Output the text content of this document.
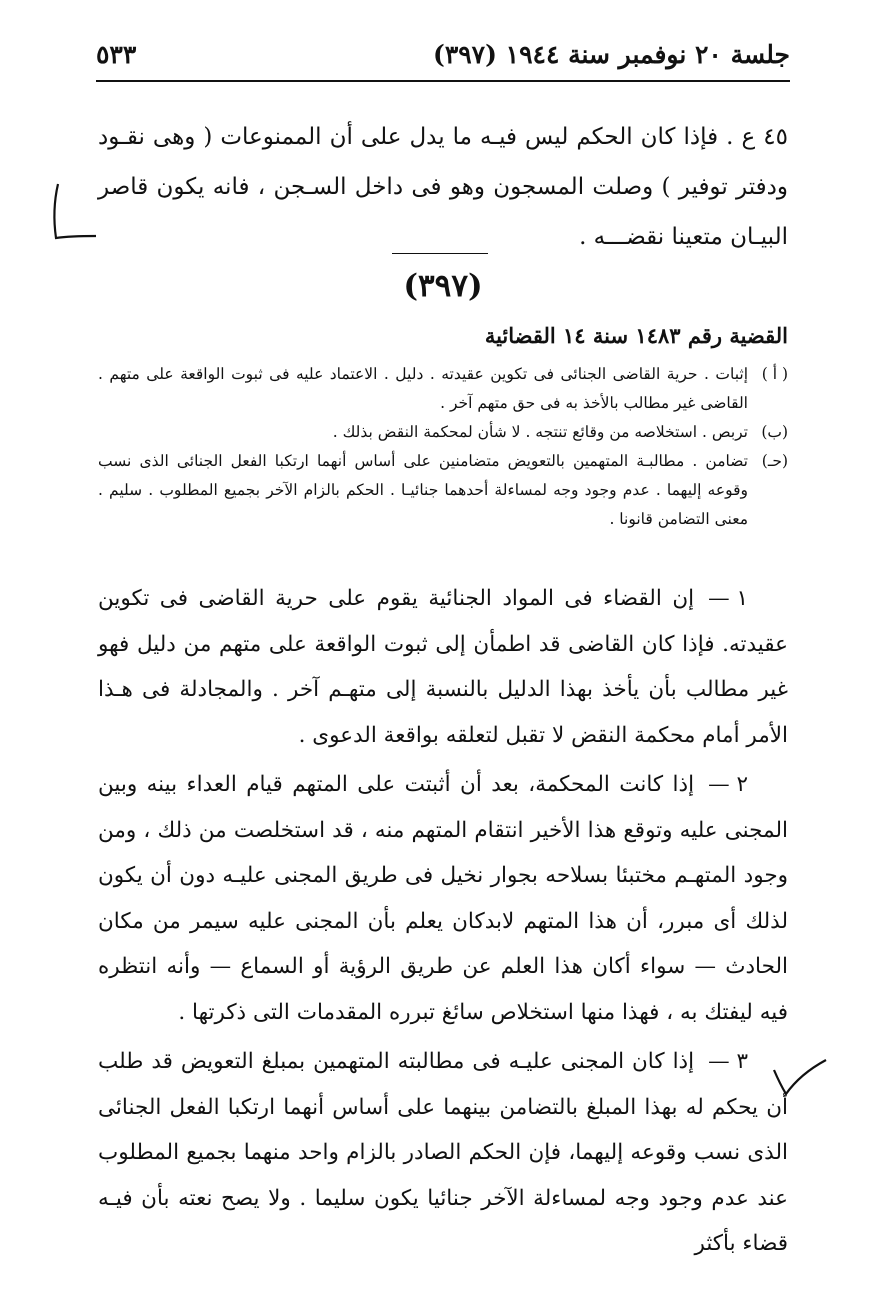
جلسة ٢٠ نوفمبر سنة ١٩٤٤ (٣٩٧)
٥٣٣
٤٥ ع . فإذا كان الحكم ليس فيـه ما يدل على أن الممنوعات ( وهى نقـود ودفتر توفير ) وصلت المسجون وهو فى داخل السـجن ، فانه يكون قاصر البيـان متعينا نقضـــه .
(٣٩٧)
القضية رقم ١٤٨٣ سنة ١٤ القضائية
( أ )
إثبات . حرية القاضى الجنائى فى تكوين عقيدته . دليل . الاعتماد عليه فى ثبوت الواقعة على متهم . القاضى غير مطالب بالأخذ به فى حق متهم آخر .
(ب)
تربص . استخلاصه من وقائع تنتجه . لا شأن لمحكمة النقض بذلك .
(حـ)
تضامن . مطالبـة المتهمين بالتعويض متضامنين على أساس أنهما ارتكبا الفعل الجنائى الذى نسب وقوعه إليهما . عدم وجود وجه لمساءلة أحدهما جنائيـا . الحكم بالزام الآخر بجميع المطلوب . سليم . معنى التضامن قانونا .
١ —إن القضاء فى المواد الجنائية يقوم على حرية القاضى فى تكوين عقيدته. فإذا كان القاضى قد اطمأن إلى ثبوت الواقعة على متهم من دليل فهو غير مطالب بأن يأخذ بهذا الدليل بالنسبة إلى متهـم آخر . والمجادلة فى هـذا الأمر أمام محكمة النقض لا تقبل لتعلقه بواقعة الدعوى .
٢ —إذا كانت المحكمة، بعد أن أثبتت على المتهم قيام العداء بينه وبين المجنى عليه وتوقع هذا الأخير انتقام المتهم منه ، قد استخلصت من ذلك ، ومن وجود المتهـم مختبئا بسلاحه بجوار نخيل فى طريق المجنى عليـه دون أن يكون لذلك أى مبرر، أن هذا المتهم لابدكان يعلم بأن المجنى عليه سيمر من مكان الحادث — سواء أكان هذا العلم عن طريق الرؤية أو السماع — وأنه انتظره فيه ليفتك به ، فهذا منها استخلاص سائغ تبرره المقدمات التى ذكرتها .
٣ —إذا كان المجنى عليـه فى مطالبته المتهمين بمبلغ التعويض قد طلب أن يحكم له بهذا المبلغ بالتضامن بينهما على أساس أنهما ارتكبا الفعل الجنائى الذى نسب وقوعه إليهما، فإن الحكم الصادر بالزام واحد منهما بجميع المطلوب عند عدم وجود وجه لمساءلة الآخر جنائيا يكون سليما . ولا يصح نعته بأن فيـه قضاء بأكثر
